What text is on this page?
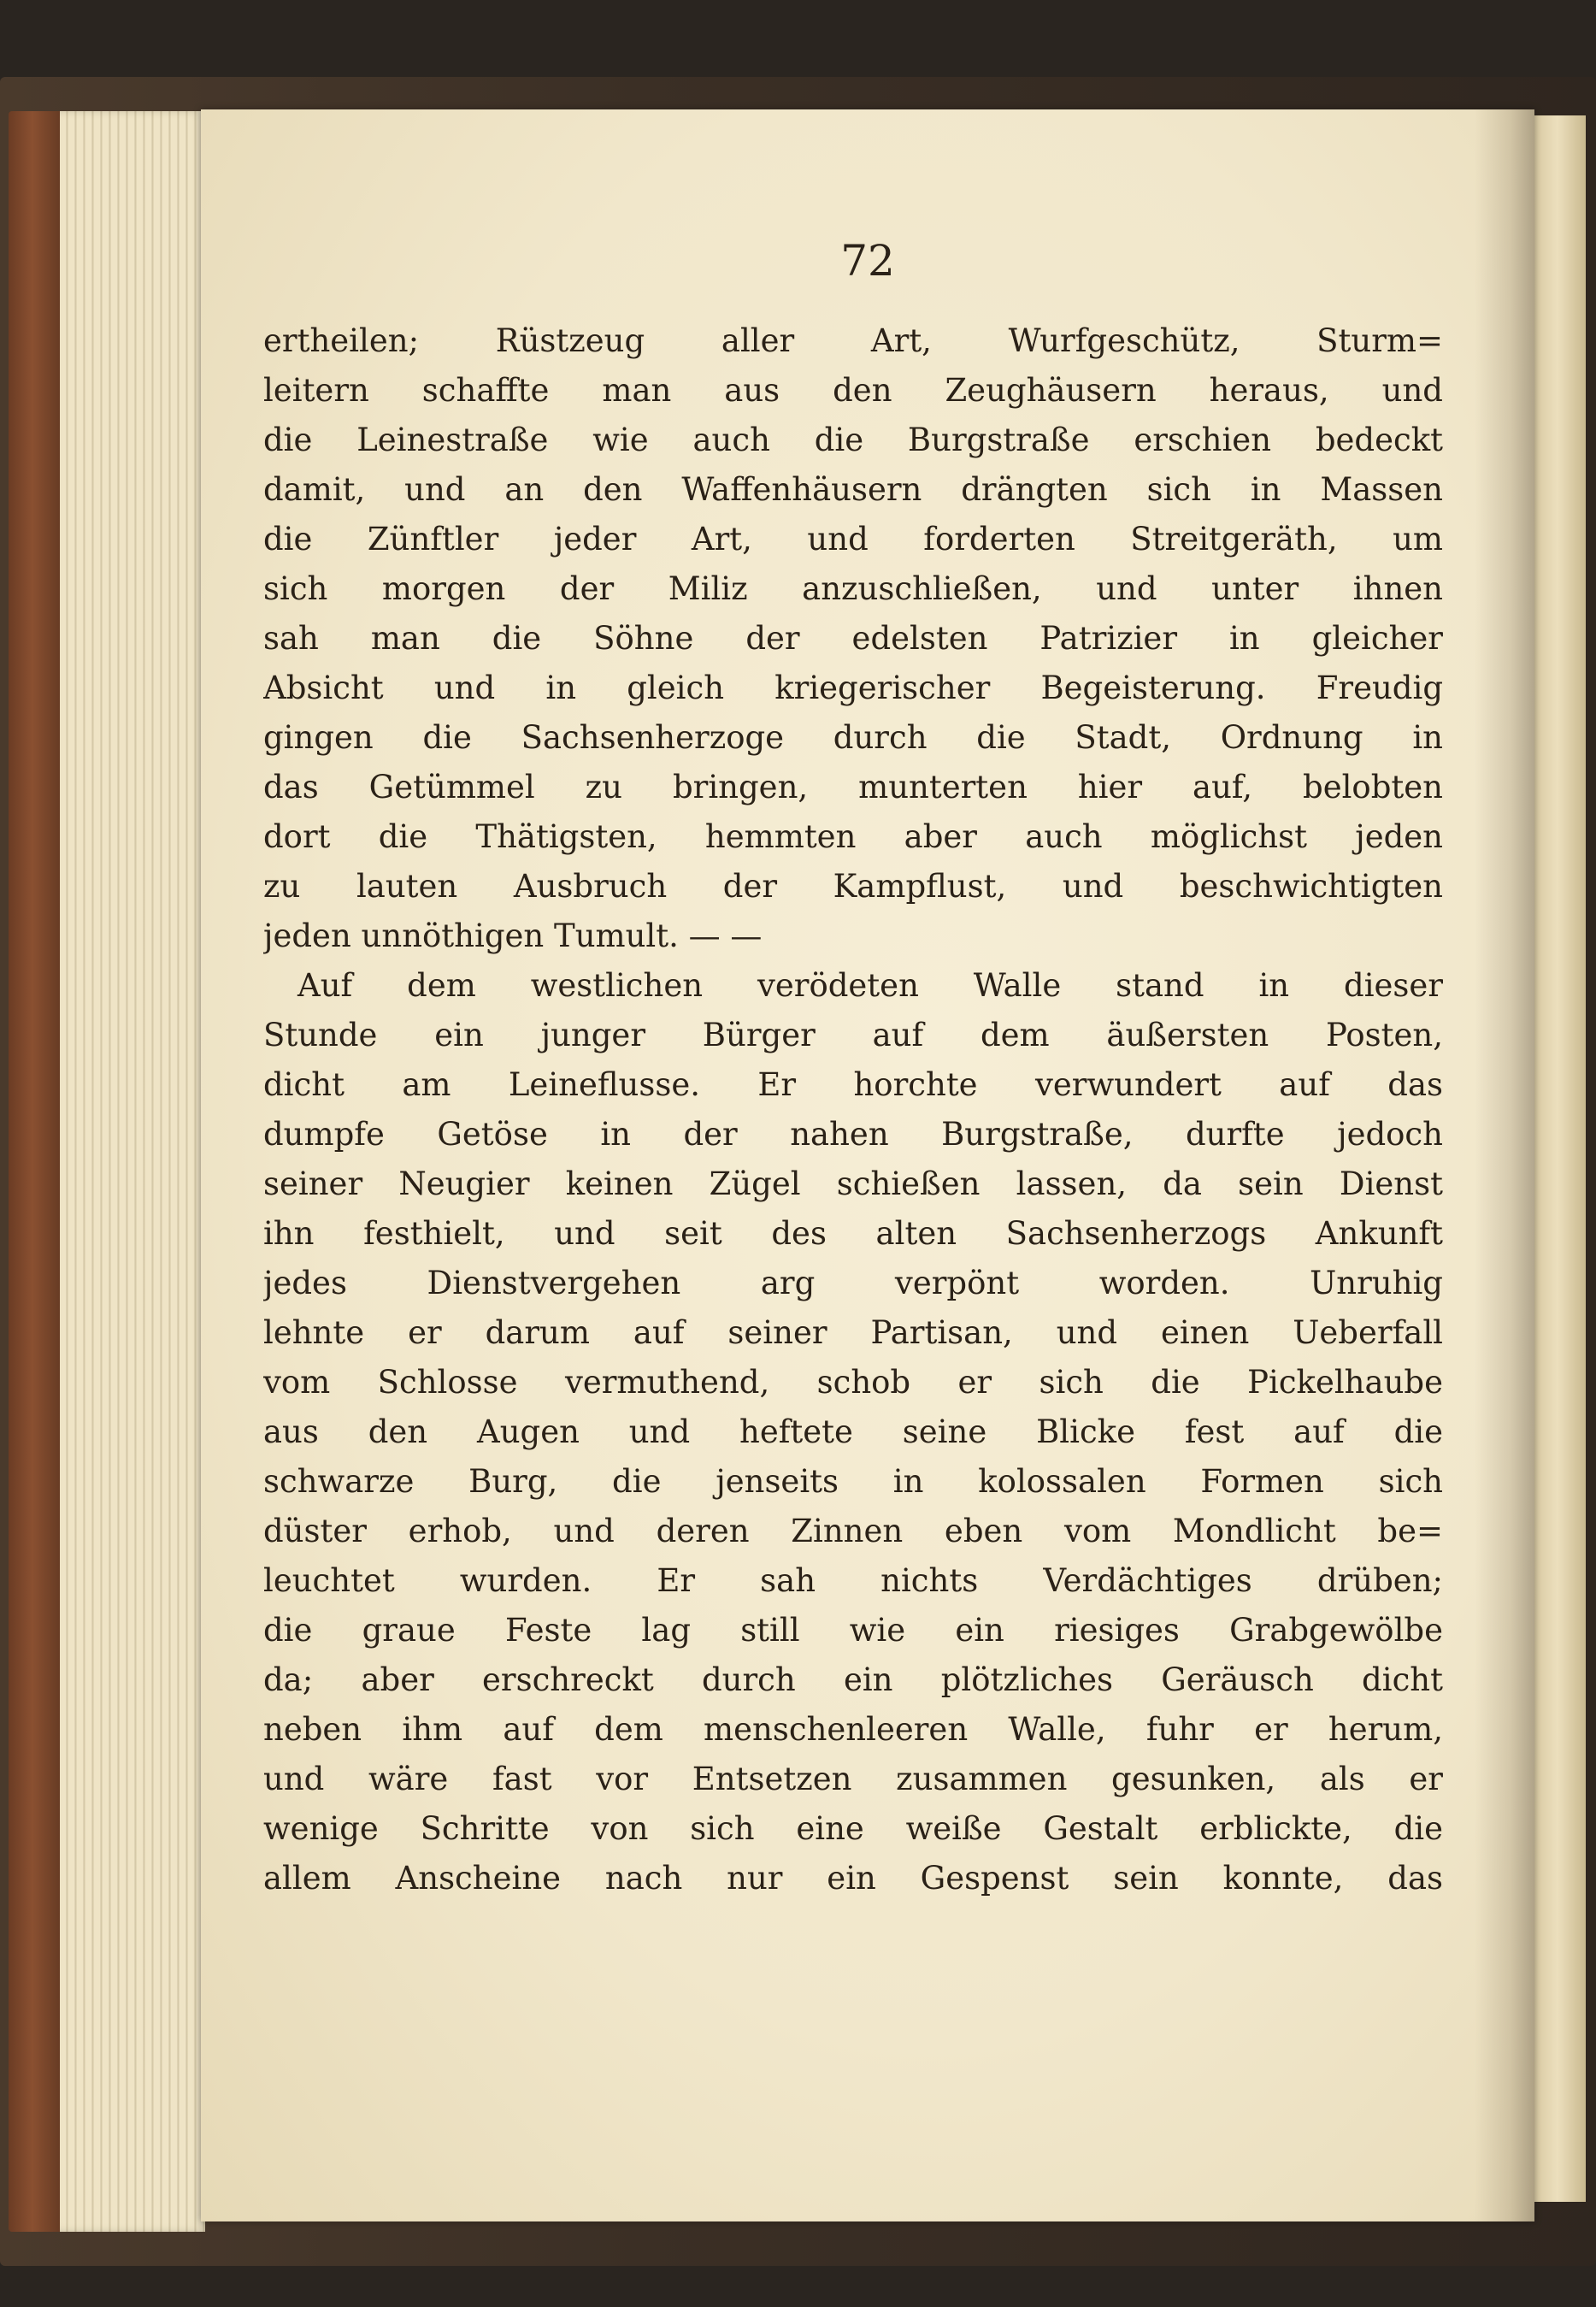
72
ertheilen; Rüstzeug aller Art, Wurfgeschütz, Sturm=
leitern schaffte man aus den Zeughäusern heraus, und
die Leinestraße wie auch die Burgstraße erschien bedeckt
damit, und an den Waffenhäusern drängten sich in Massen
die Zünftler jeder Art, und forderten Streitgeräth, um
sich morgen der Miliz anzuschließen, und unter ihnen
sah man die Söhne der edelsten Patrizier in gleicher
Absicht und in gleich kriegerischer Begeisterung. Freudig
gingen die Sachsenherzoge durch die Stadt, Ordnung in
das Getümmel zu bringen, munterten hier auf, belobten
dort die Thätigsten, hemmten aber auch möglichst jeden
zu lauten Ausbruch der Kampflust, und beschwichtigten
jeden unnöthigen Tumult. — —
Auf dem westlichen verödeten Walle stand in dieser
Stunde ein junger Bürger auf dem äußersten Posten,
dicht am Leineflusse. Er horchte verwundert auf das
dumpfe Getöse in der nahen Burgstraße, durfte jedoch
seiner Neugier keinen Zügel schießen lassen, da sein Dienst
ihn festhielt, und seit des alten Sachsenherzogs Ankunft
jedes Dienstvergehen arg verpönt worden. Unruhig
lehnte er darum auf seiner Partisan, und einen Ueberfall
vom Schlosse vermuthend, schob er sich die Pickelhaube
aus den Augen und heftete seine Blicke fest auf die
schwarze Burg, die jenseits in kolossalen Formen sich
düster erhob, und deren Zinnen eben vom Mondlicht be=
leuchtet wurden. Er sah nichts Verdächtiges drüben;
die graue Feste lag still wie ein riesiges Grabgewölbe
da; aber erschreckt durch ein plötzliches Geräusch dicht
neben ihm auf dem menschenleeren Walle, fuhr er herum,
und wäre fast vor Entsetzen zusammen gesunken, als er
wenige Schritte von sich eine weiße Gestalt erblickte, die
allem Anscheine nach nur ein Gespenst sein konnte, das
